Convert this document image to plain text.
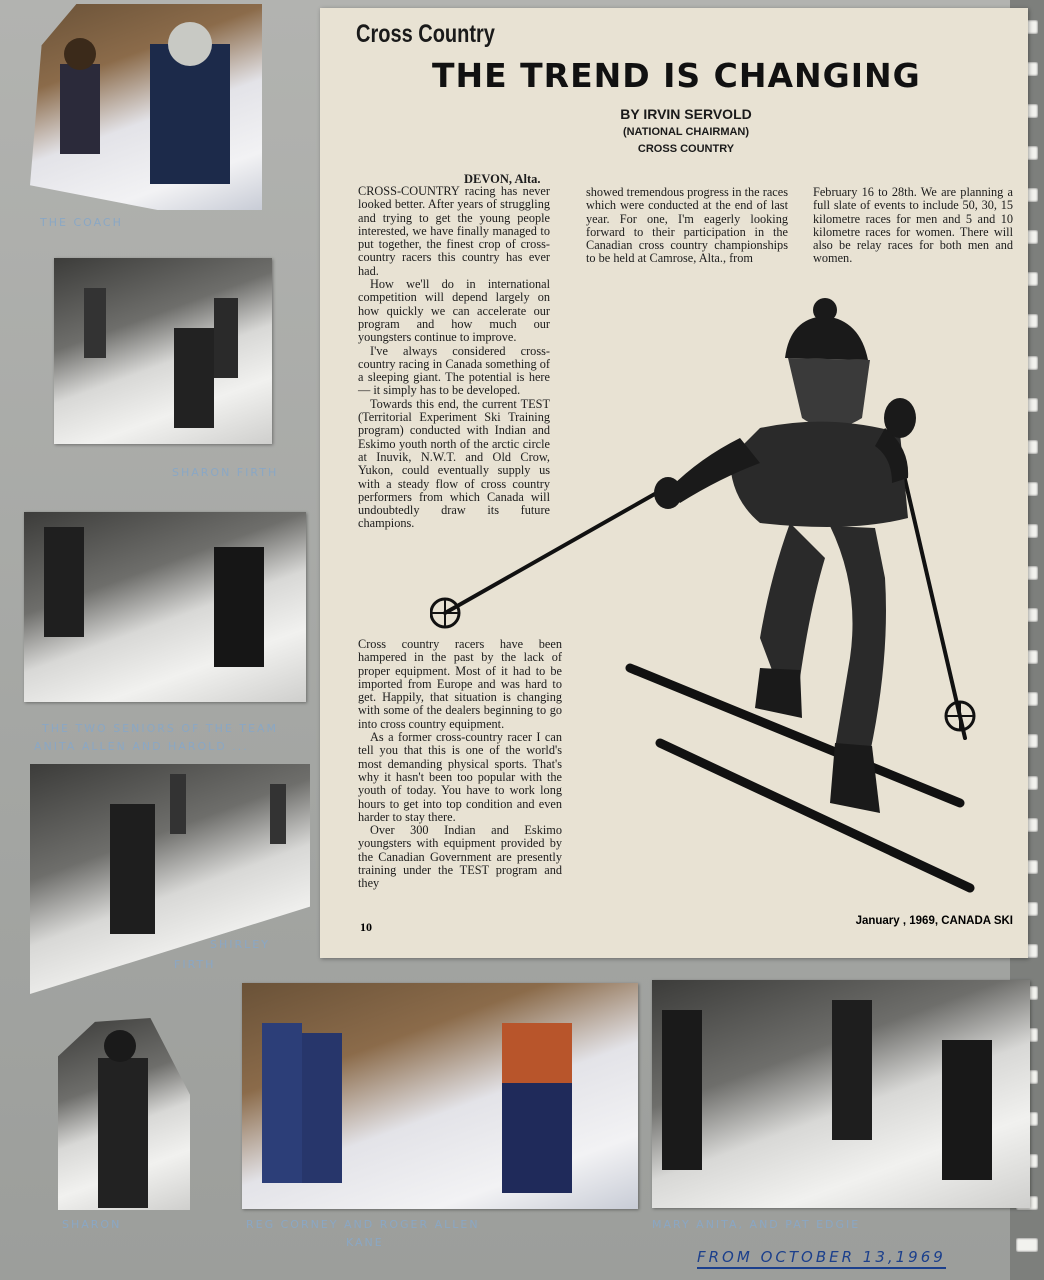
Cross Country
THE TREND IS CHANGING
BY IRVIN SERVOLD
(NATIONAL CHAIRMAN)
CROSS COUNTRY
DEVON, Alta.

CROSS-COUNTRY racing has never looked better. After years of struggling and trying to get the young people interested, we have finally managed to put together, the finest crop of cross-country racers this country has ever had.

How we'll do in international competition will depend largely on how quickly we can accelerate our program and how much our youngsters continue to improve.

I've always considered cross-country racing in Canada something of a sleeping giant. The potential is here — it simply has to be developed.

Towards this end, the current TEST (Territorial Experiment Ski Training program) conducted with Indian and Eskimo youth north of the arctic circle at Inuvik, N.W.T. and Old Crow, Yukon, could eventually supply us with a steady flow of cross country performers from which Canada will undoubtedly draw its future champions.

showed tremendous progress in the races which were conducted at the end of last year. For one, I'm eagerly looking forward to their participation in the Canadian cross country championships to be held at Camrose, Alta., from

February 16 to 28th. We are planning a full slate of events to include 50, 30, 15 kilometre races for men and 5 and 10 kilometre races for women. There will also be relay races for both men and women.

Cross country racers have been hampered in the past by the lack of proper equipment. Most of it had to be imported from Europe and was hard to get. Happily, that situation is changing with some of the dealers beginning to go into cross country equipment.

As a former cross-country racer I can tell you that this is one of the world's most demanding physical sports. That's why it hasn't been too popular with the youth of today. You have to work long hours to get into top condition and even harder to stay there.

Over 300 Indian and Eskimo youngsters with equipment provided by the Canadian Government are presently training under the TEST program and they

10	January , 1969, CANADA SKI
THE COACH
SHARON FIRTH
THE TWO SENIORS OF THE TEAM
ANITA ALLEN AND HAROLD ...
SHIRLEY
FIRTH
SHARON	REG CORNEY AND ROGER ALLEN
KANE
MARY ANITA, AND PAT EDGIE
FROM OCTOBER 13,1969
